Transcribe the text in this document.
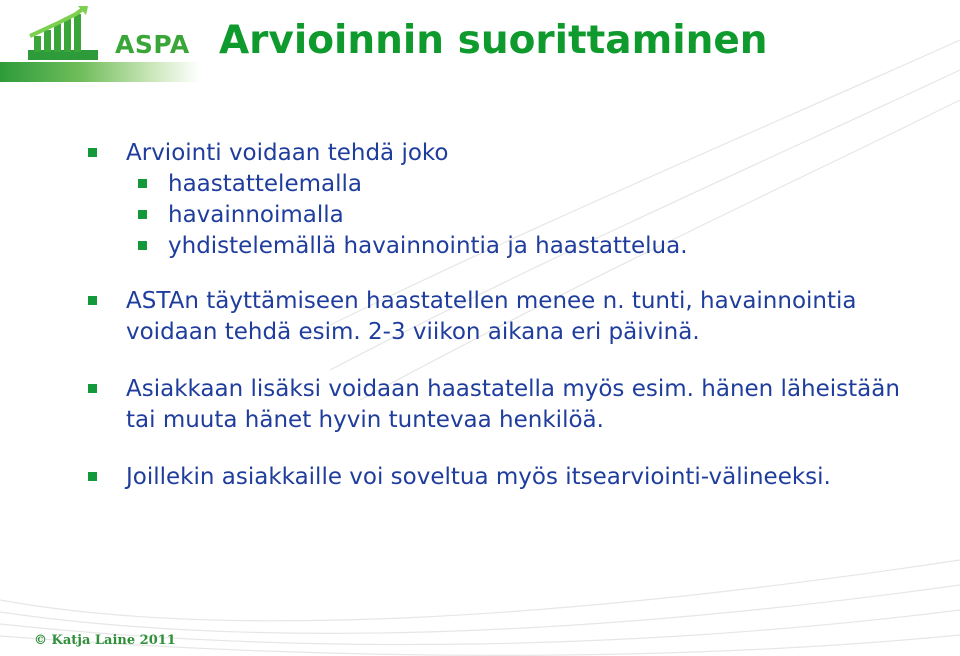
ASPA Arvioinnin suorittaminen
Arviointi voidaan tehdä joko
haastattelemalla
havainnoimalla
yhdistelemällä havainnointia ja haastattelua.
ASTAn täyttämiseen haastatellen menee n. tunti, havainnointia voidaan tehdä esim. 2-3 viikon aikana eri päivinä.
Asiakkaan lisäksi voidaan haastatella myös esim. hänen läheistään tai muuta hänet hyvin tuntevaa henkilöä.
Joillekin asiakkaille voi soveltua myös itsearviointi-välineeksi.
© Katja Laine 2011
